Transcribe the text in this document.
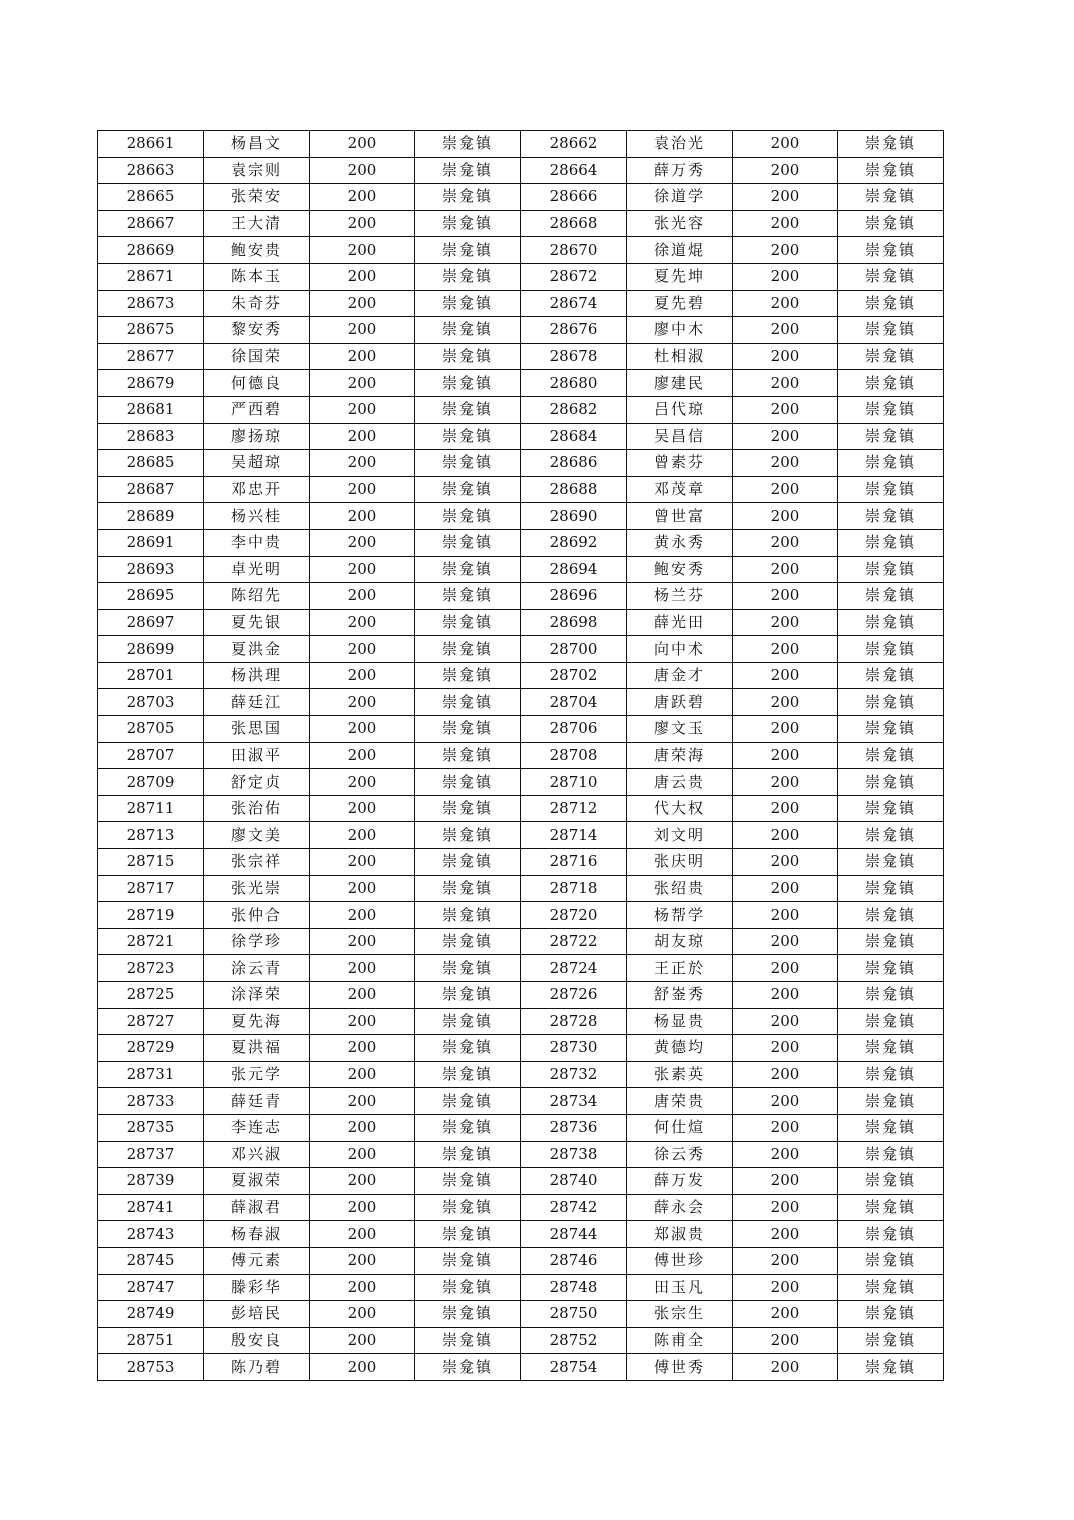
28661	杨昌文	200	崇龛镇	28662	袁治光	200	崇龛镇
28663	袁宗则	200	崇龛镇	28664	薛万秀	200	崇龛镇
28665	张荣安	200	崇龛镇	28666	徐道学	200	崇龛镇
28667	王大清	200	崇龛镇	28668	张光容	200	崇龛镇
28669	鲍安贵	200	崇龛镇	28670	徐道焜	200	崇龛镇
28671	陈本玉	200	崇龛镇	28672	夏先坤	200	崇龛镇
28673	朱奇芬	200	崇龛镇	28674	夏先碧	200	崇龛镇
28675	黎安秀	200	崇龛镇	28676	廖中木	200	崇龛镇
28677	徐国荣	200	崇龛镇	28678	杜相淑	200	崇龛镇
28679	何德良	200	崇龛镇	28680	廖建民	200	崇龛镇
28681	严西碧	200	崇龛镇	28682	吕代琼	200	崇龛镇
28683	廖扬琼	200	崇龛镇	28684	吴昌信	200	崇龛镇
28685	吴超琼	200	崇龛镇	28686	曾素芬	200	崇龛镇
28687	邓忠开	200	崇龛镇	28688	邓茂章	200	崇龛镇
28689	杨兴桂	200	崇龛镇	28690	曾世富	200	崇龛镇
28691	李中贵	200	崇龛镇	28692	黄永秀	200	崇龛镇
28693	卓光明	200	崇龛镇	28694	鲍安秀	200	崇龛镇
28695	陈绍先	200	崇龛镇	28696	杨兰芬	200	崇龛镇
28697	夏先银	200	崇龛镇	28698	薛光田	200	崇龛镇
28699	夏洪金	200	崇龛镇	28700	向中术	200	崇龛镇
28701	杨洪理	200	崇龛镇	28702	唐金才	200	崇龛镇
28703	薛廷江	200	崇龛镇	28704	唐跃碧	200	崇龛镇
28705	张思国	200	崇龛镇	28706	廖文玉	200	崇龛镇
28707	田淑平	200	崇龛镇	28708	唐荣海	200	崇龛镇
28709	舒定贞	200	崇龛镇	28710	唐云贵	200	崇龛镇
28711	张治佑	200	崇龛镇	28712	代大权	200	崇龛镇
28713	廖文美	200	崇龛镇	28714	刘文明	200	崇龛镇
28715	张宗祥	200	崇龛镇	28716	张庆明	200	崇龛镇
28717	张光崇	200	崇龛镇	28718	张绍贵	200	崇龛镇
28719	张仲合	200	崇龛镇	28720	杨帮学	200	崇龛镇
28721	徐学珍	200	崇龛镇	28722	胡友琼	200	崇龛镇
28723	涂云青	200	崇龛镇	28724	王正於	200	崇龛镇
28725	涂泽荣	200	崇龛镇	28726	舒崟秀	200	崇龛镇
28727	夏先海	200	崇龛镇	28728	杨显贵	200	崇龛镇
28729	夏洪福	200	崇龛镇	28730	黄德均	200	崇龛镇
28731	张元学	200	崇龛镇	28732	张素英	200	崇龛镇
28733	薛廷青	200	崇龛镇	28734	唐荣贵	200	崇龛镇
28735	李连志	200	崇龛镇	28736	何仕煊	200	崇龛镇
28737	邓兴淑	200	崇龛镇	28738	徐云秀	200	崇龛镇
28739	夏淑荣	200	崇龛镇	28740	薛万发	200	崇龛镇
28741	薛淑君	200	崇龛镇	28742	薛永会	200	崇龛镇
28743	杨春淑	200	崇龛镇	28744	郑淑贵	200	崇龛镇
28745	傅元素	200	崇龛镇	28746	傅世珍	200	崇龛镇
28747	滕彩华	200	崇龛镇	28748	田玉凡	200	崇龛镇
28749	彭培民	200	崇龛镇	28750	张宗生	200	崇龛镇
28751	殷安良	200	崇龛镇	28752	陈甫全	200	崇龛镇
28753	陈乃碧	200	崇龛镇	28754	傅世秀	200	崇龛镇
